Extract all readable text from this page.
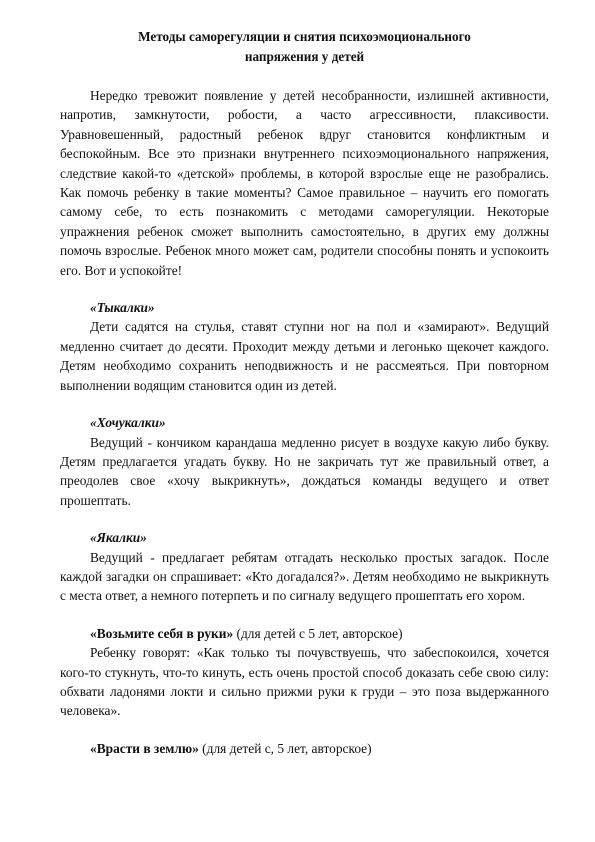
Методы саморегуляции и снятия психоэмоционального
напряжения у детей

Нередко тревожит появление у детей несобранности, излишней активности, напротив, замкнутости, робости, а часто агрессивности, плаксивости. Уравновешенный, радостный ребенок вдруг становится конфликтным и беспокойным. Все это признаки внутреннего психоэмоционального напряжения, следствие какой-то «детской» проблемы, в которой взрослые еще не разобрались. Как помочь ребенку в такие моменты? Самое правильное – научить его помогать самому себе, то есть познакомить с методами саморегуляции. Некоторые упражнения ребенок сможет выполнить самостоятельно, в других ему должны помочь взрослые. Ребенок много может сам, родители способны понять и успокоить его. Вот и успокойте!

«Тыкалки»

Дети садятся на стулья, ставят ступни ног на пол и «замирают». Ведущий медленно считает до десяти. Проходит между детьми и легонько щекочет каждого. Детям необходимо сохранить неподвижность и не рассмеяться. При повторном выполнении водящим становится один из детей.

«Хочукалки»

Ведущий - кончиком карандаша медленно рисует в воздухе какую либо букву. Детям предлагается угадать букву. Но не закричать тут же правильный ответ, а преодолев свое «хочу выкрикнуть», дождаться команды ведущего и ответ прошептать.

«Якалки»

Ведущий - предлагает ребятам отгадать несколько простых загадок. После каждой загадки он спрашивает: «Кто догадался?». Детям необходимо не выкрикнуть с места ответ, а немного потерпеть и по сигналу ведущего прошептать его хором.

«Возьмите себя в руки» (для детей с 5 лет, авторское)

Ребенку говорят: «Как только ты почувствуешь, что забеспокоился, хочется кого-то стукнуть, что-то кинуть, есть очень простой способ доказать себе свою силу: обхвати ладонями локти и сильно прижми руки к груди – это поза выдержанного человека».

«Врасти в землю» (для детей с, 5 лет, авторское)
